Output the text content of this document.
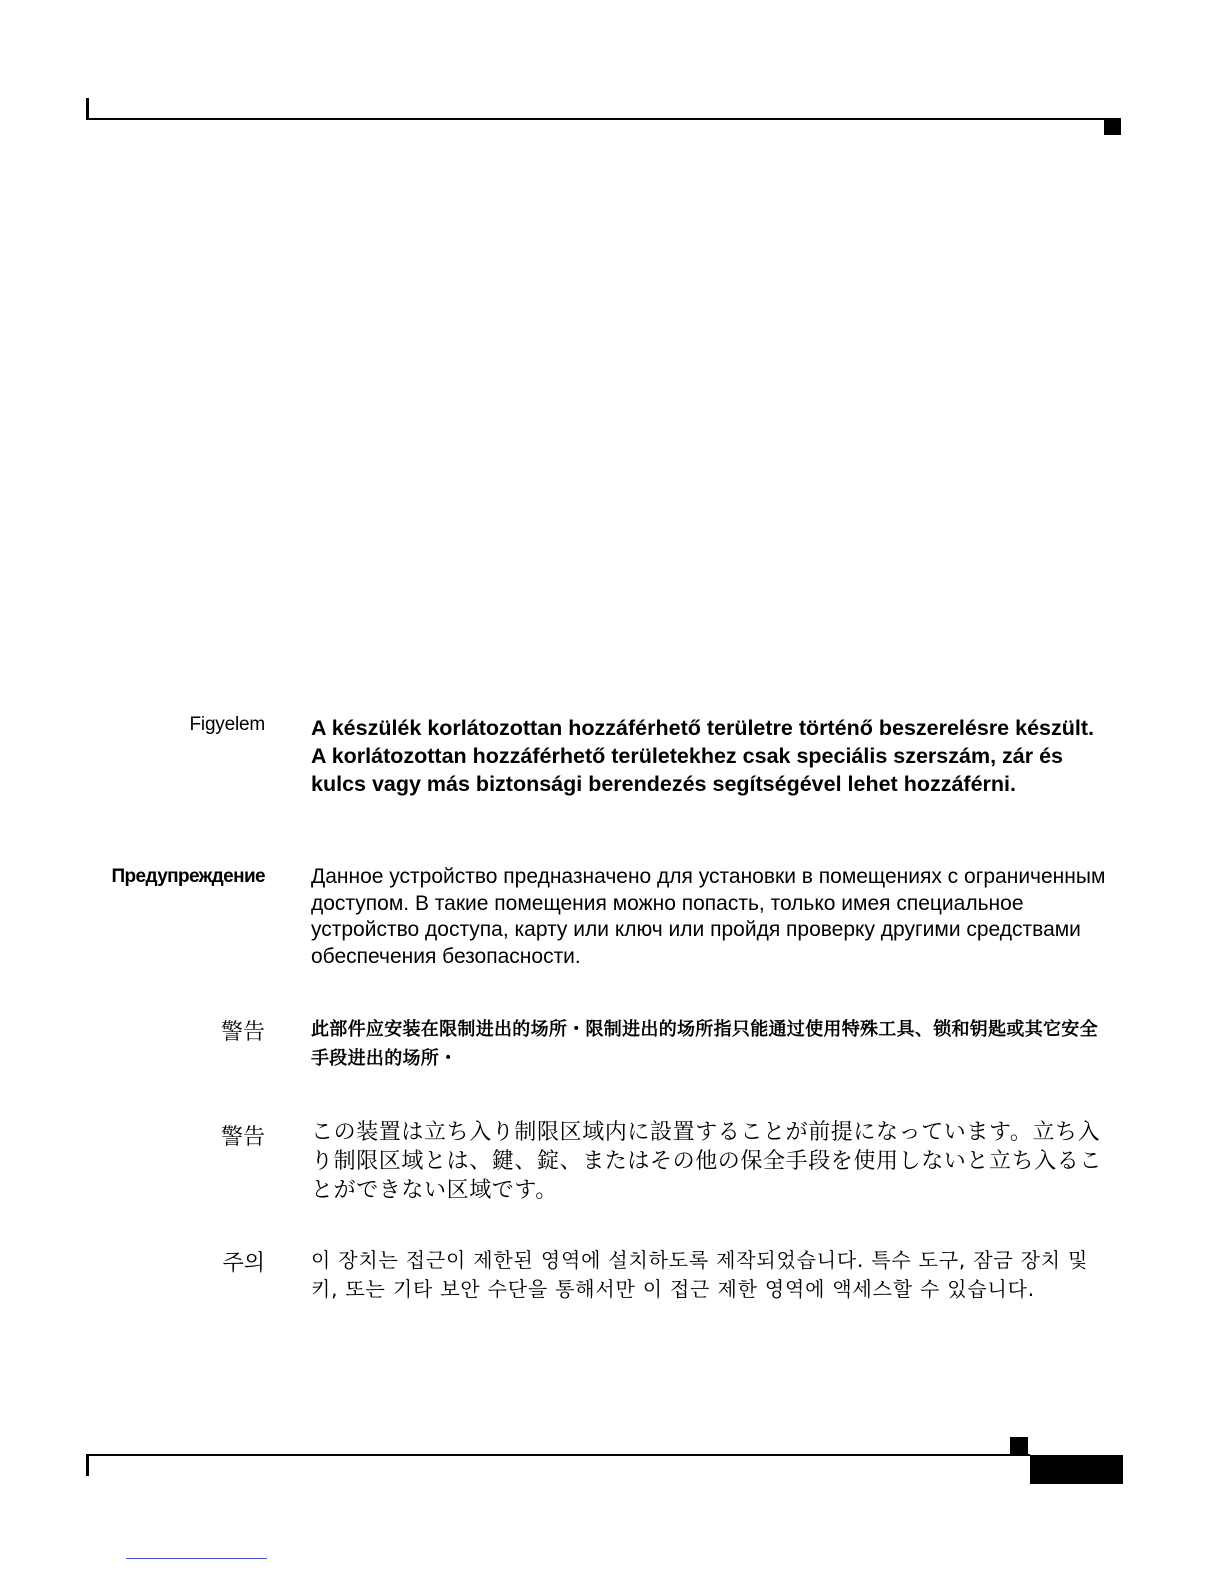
Figyelem A készülék korlátozottan hozzáférhető területre történő beszerelésre készült. A korlátozottan hozzáférhető területekhez csak speciális szerszám, zár és kulcs vagy más biztonsági berendezés segítségével lehet hozzáférni.

Предупреждение Данное устройство предназначено для установки в помещениях с ограниченным доступом. В такие помещения можно попасть, только имея специальное устройство доступа, карту или ключ или пройдя проверку другими средствами обеспечения безопасности.

警告	此部件应安装在限制进出的场所・限制进出的场所指只能通过使用特殊工具、锁和钥匙或其它安全手段进出的场所・

警告 この装置は立ち入り制限区域内に設置することが前提になっています。立ち入り制限区域とは、鍵、錠、またはその他の保全手段を使用しないと立ち入ることができない区域です。

주의 이 장치는 접근이 제한된 영역에 설치하도록 제작되었습니다. 특수 도구, 잠금 장치 및 키, 또는 기타 보안 수단을 통해서만 이 접근 제한 영역에 액세스할 수 있습니다.
